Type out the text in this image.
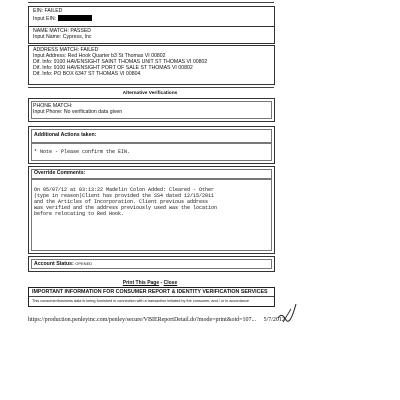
EIN: FAILED
Input EIN:
NAME MATCH: PASSED
Input Name: Cypress, Inc
ADDRESS MATCH: FAILED
Input Address: Red Hook Quarter b3 St Thomas VI 00802
Dif. Info: 9100 HAVENSIGHT SAINT THOMAS UNIT ST THOMAS VI 00802
Dif. Info: 9100 HAVENSIGHT PORT OF SALE ST THOMAS VI 00802
Dif. Info: PO BOX 6347 ST THOMAS VI 00804
Alternative Verifications
PHONE MATCH:
Input Phone: No verification data given
Additional Actions taken:
* Note - Please confirm the EIN.
Override Comments:
On 05/07/12 at 03:13:22 Madelin Colon Added: Cleared - Other
(type in reason)Client has provided the SS4 dated 12/15/2011
and the Articles of Incorporation. Client previous address
was verified and the address previously used was the location
before relocating to Red Hook.
Account Status: OPENED
Print This Page - Close
IMPORTANT INFORMATION FOR CONSUMER REPORT & IDENTITY VERIFICATION SERVICES
This consumer/business data is being furnished in connection with a transaction initiated by the consumer, and / or in accordance
https://production.penleyinc.com/penley/secure/VBIEReportDetail.do?mode=print&oid=107... 5/7/2012
